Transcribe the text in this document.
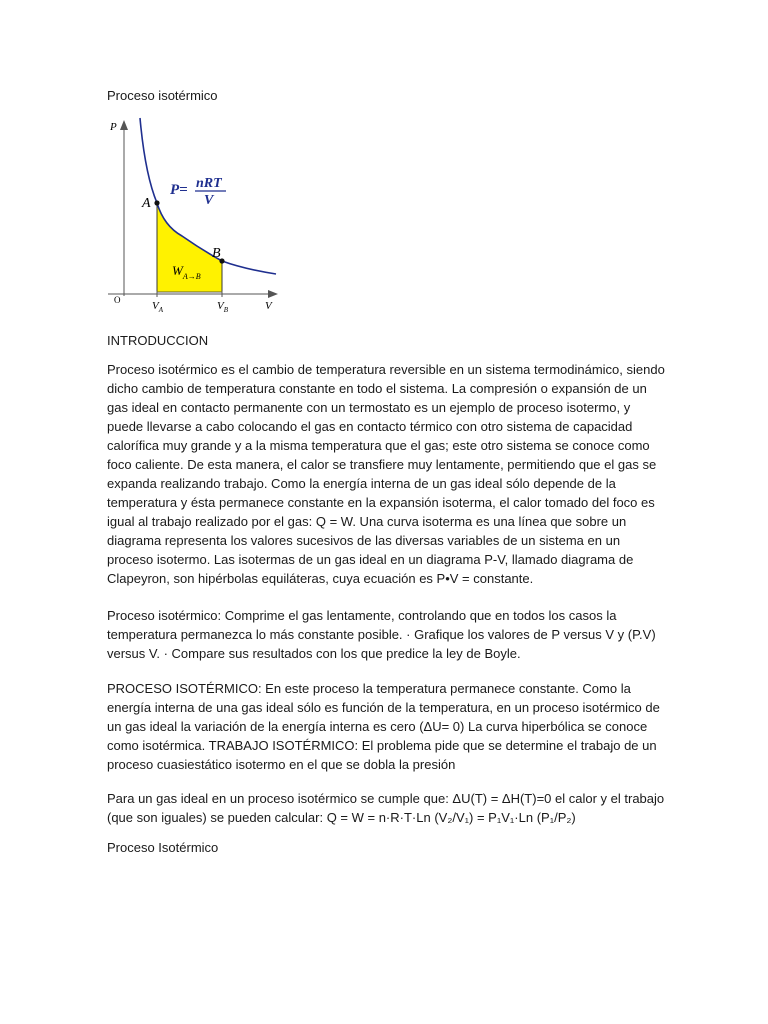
Proceso isotérmico
P
V
O
A
B
P= nRT
V
$W_{A\to B}$
$V_A$	$V_B$

INTRODUCCION

Proceso isotérmico es el cambio de temperatura reversible en un sistema termodinámico, siendo dicho cambio de temperatura constante en todo el sistema. La compresión o expansión de un gas ideal en contacto permanente con un termostato es un ejemplo de proceso isotermo, y puede llevarse a cabo colocando el gas en contacto térmico con otro sistema de capacidad calorífica muy grande y a la misma temperatura que el gas; este otro sistema se conoce como foco caliente. De esta manera, el calor se transfiere muy lentamente, permitiendo que el gas se expanda realizando trabajo. Como la energía interna de un gas ideal sólo depende de la temperatura y ésta permanece constante en la expansión isoterma, el calor tomado del foco es igual al trabajo realizado por el gas: Q = W. Una curva isoterma es una línea que sobre un diagrama representa los valores sucesivos de las diversas variables de un sistema en un proceso isotermo. Las isotermas de un gas ideal en un diagrama P-V, llamado diagrama de Clapeyron, son hipérbolas equiláteras, cuya ecuación es P•V = constante.

Proceso isotérmico: Comprime el gas lentamente, controlando que en todos los casos la temperatura permanezca lo más constante posible. · Grafique los valores de P versus V y (P.V) versus V. · Compare sus resultados con los que predice la ley de Boyle.

PROCESO ISOTÉRMICO: En este proceso la temperatura permanece constante. Como la energía interna de una gas ideal sólo es función de la temperatura, en un proceso isotérmico de un gas ideal la variación de la energía interna es cero (ΔU= 0) La curva hiperbólica se conoce como isotérmica. TRABAJO ISOTÉRMICO: El problema pide que se determine el trabajo de un proceso cuasiestático isotermo en el que se dobla la presión

Para un gas ideal en un proceso isotérmico se cumple que: ΔU(T) = ΔH(T)=0 el calor y el trabajo (que son iguales) se pueden calcular: Q = W = n·R·T·Ln (V₂/V₁) = P₁V₁·Ln (P₁/P₂)

Proceso Isotérmico
